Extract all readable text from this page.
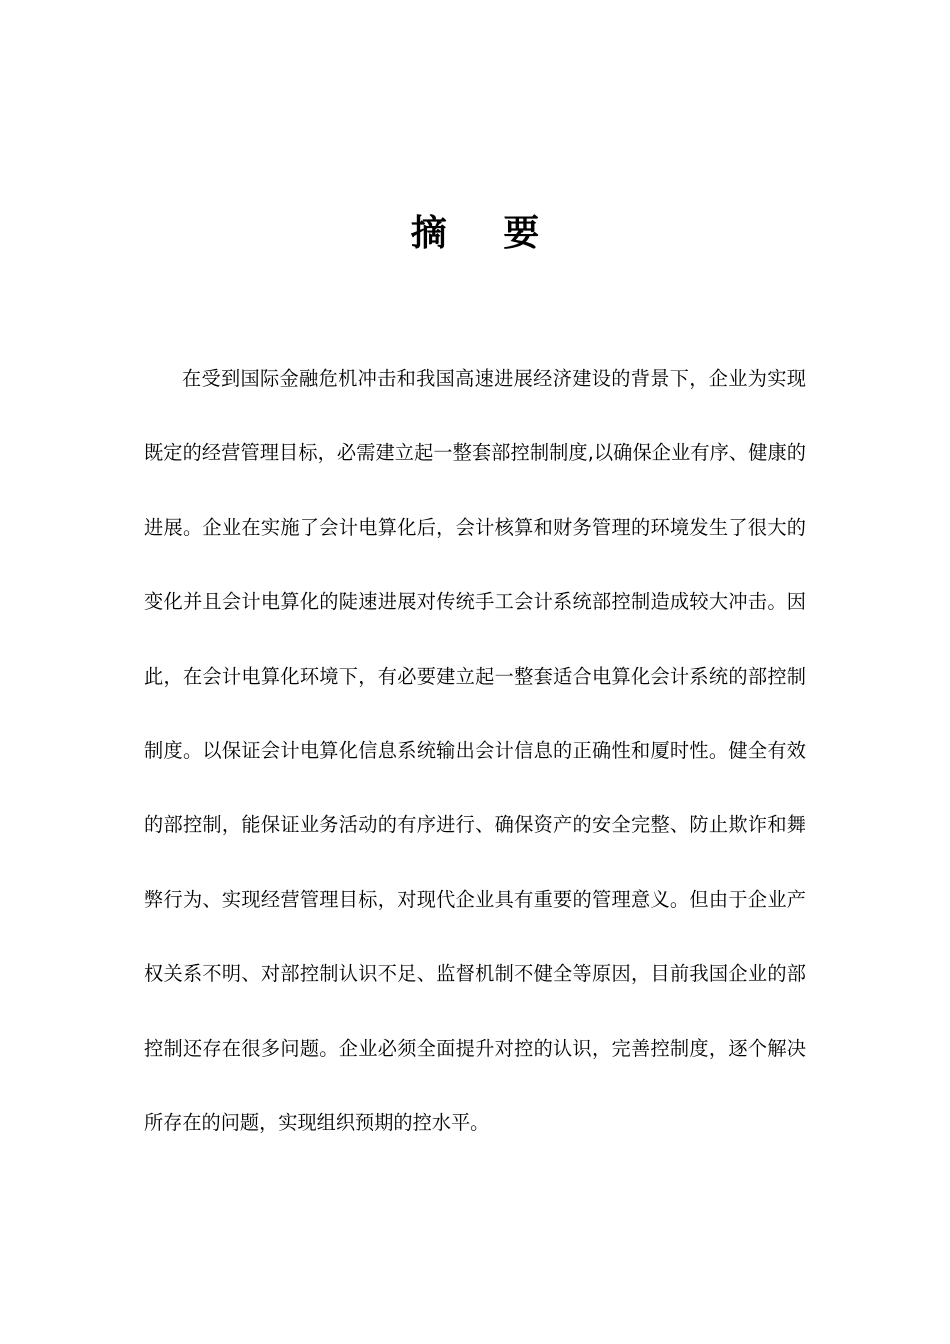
摘 要
在受到国际金融危机冲击和我国高速进展经济建设的背景下，企业为实现
既定的经营管理目标，必需建立起一整套部控制制度,以确保企业有序、健康的
进展。企业在实施了会计电算化后，会计核算和财务管理的环境发生了很大的
变化并且会计电算化的陡速进展对传统手工会计系统部控制造成较大冲击。因
此，在会计电算化环境下，有必要建立起一整套适合电算化会计系统的部控制
制度。以保证会计电算化信息系统输出会计信息的正确性和厦时性。健全有效
的部控制，能保证业务活动的有序进行、确保资产的安全完整、防止欺诈和舞
弊行为、实现经营管理目标，对现代企业具有重要的管理意义。但由于企业产
权关系不明、对部控制认识不足、监督机制不健全等原因，目前我国企业的部
控制还存在很多问题。企业必须全面提升对控的认识，完善控制度，逐个解决
所存在的问题，实现组织预期的控水平。
